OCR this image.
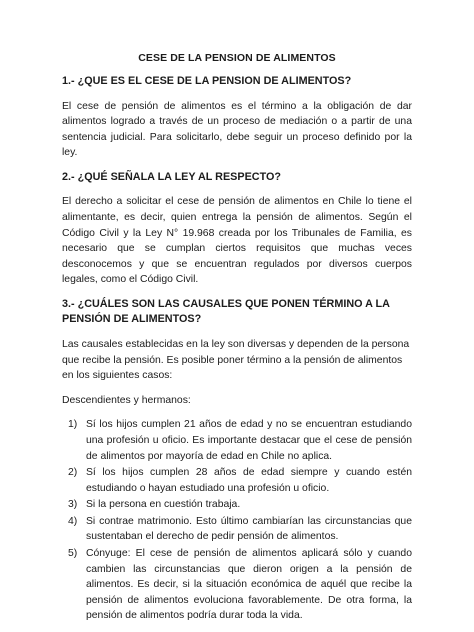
CESE DE LA PENSION DE ALIMENTOS
1.- ¿QUE ES EL CESE DE LA PENSION DE ALIMENTOS?

El cese de pensión de alimentos es el término a la obligación de dar alimentos logrado a través de un proceso de mediación o a partir de una sentencia judicial. Para solicitarlo, debe seguir un proceso definido por la ley.

2.- ¿QUÉ SEÑALA LA LEY AL RESPECTO?

El derecho a solicitar el cese de pensión de alimentos en Chile lo tiene el alimentante, es decir, quien entrega la pensión de alimentos. Según el Código Civil y la Ley N° 19.968 creada por los Tribunales de Familia, es necesario que se cumplan ciertos requisitos que muchas veces desconocemos y que se encuentran regulados por diversos cuerpos legales, como el Código Civil.

3.- ¿CUÁLES SON LAS CAUSALES QUE PONEN TÉRMINO A LA PENSIÓN DE ALIMENTOS?

Las causales establecidas en la ley son diversas y dependen de la persona que recibe la pensión. Es posible poner término a la pensión de alimentos en los siguientes casos:

Descendientes y hermanos:

1) Sí los hijos cumplen 21 años de edad y no se encuentran estudiando una profesión u oficio. Es importante destacar que el cese de pensión de alimentos por mayoría de edad en Chile no aplica.
2) Sí los hijos cumplen 28 años de edad siempre y cuando estén estudiando o hayan estudiado una profesión u oficio.
3) Si la persona en cuestión trabaja.
4) Si contrae matrimonio. Esto último cambiarían las circunstancias que sustentaban el derecho de pedir pensión de alimentos.
5) Cónyuge: El cese de pensión de alimentos aplicará sólo y cuando cambien las circunstancias que dieron origen a la pensión de alimentos. Es decir, si la situación económica de aquél que recibe la pensión de alimentos evoluciona favorablemente. De otra forma, la pensión de alimentos podría durar toda la vida.
